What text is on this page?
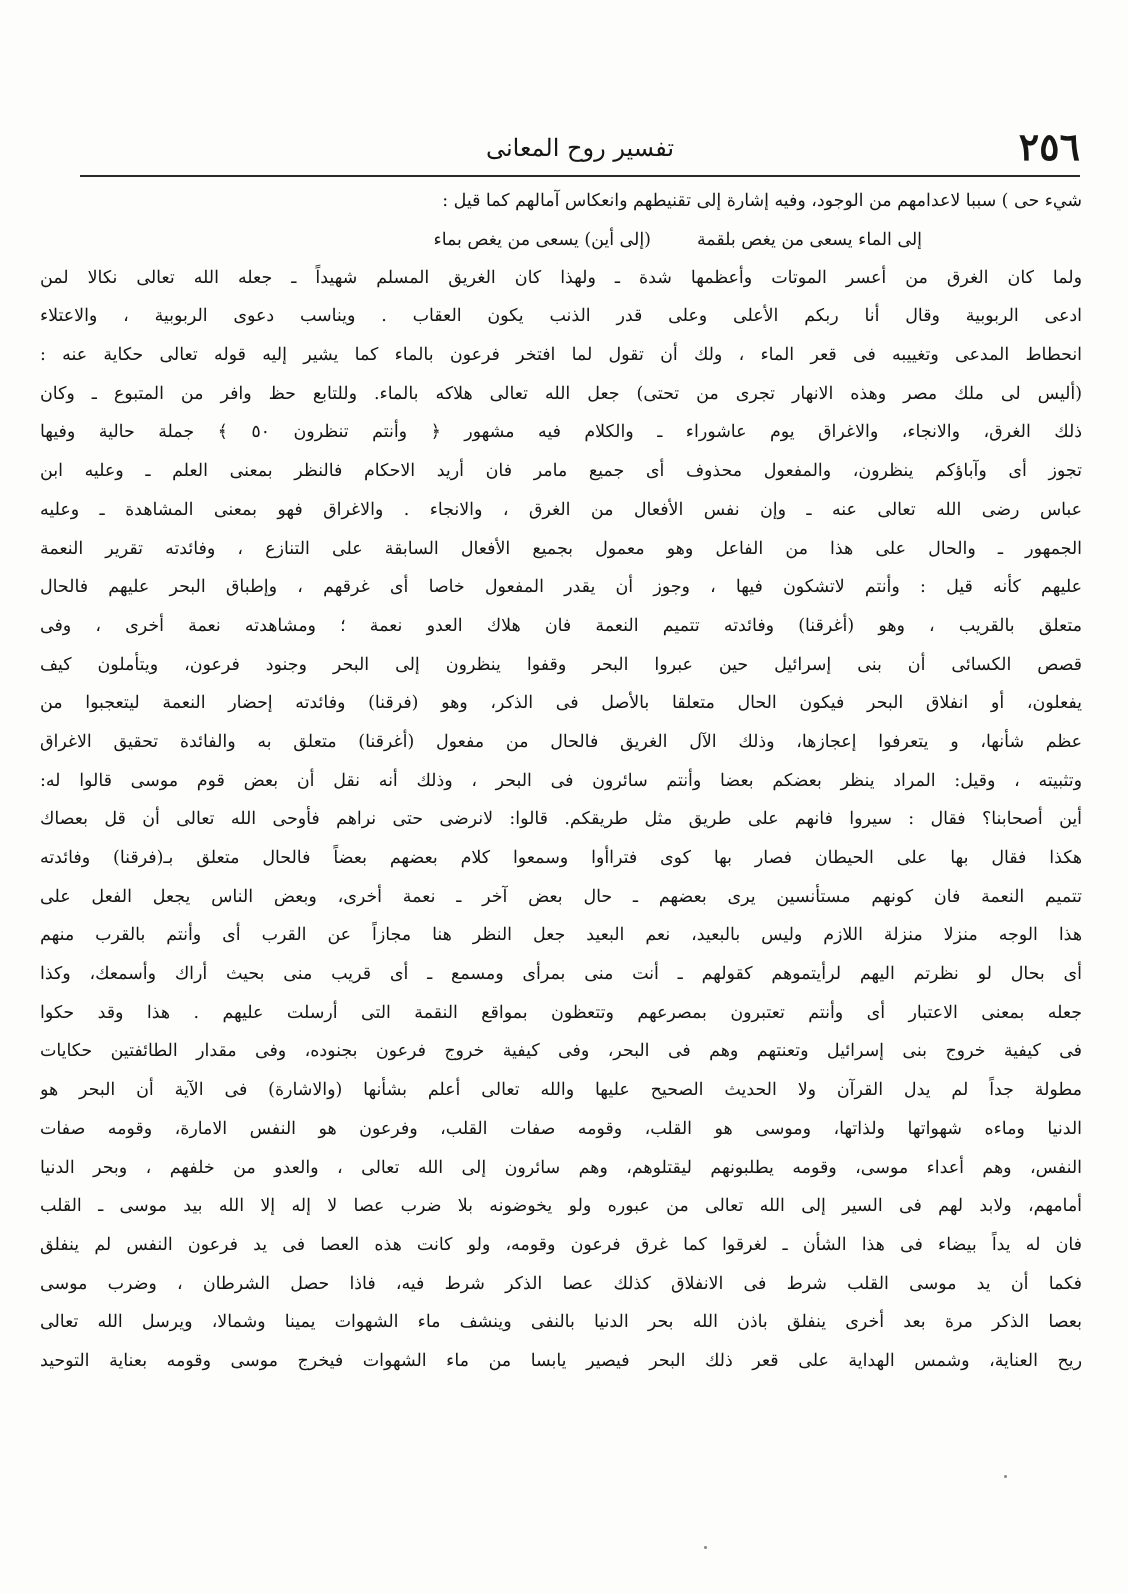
٢٥٦
تفسير روح المعانى
شيء حى ) سببا لاعدامهم من الوجود، وفيه إشارة إلى تقنيطهم وانعكاس آمالهم كما قيل :
إلى الماء يسعى من يغص بلقمة
(إلى أين) يسعى من يغص بماء
ولما كان الغرق من أعسر الموتات وأعظمها شدة ـ ولهذا كان الغريق المسلم شهيداً ـ جعله الله تعالى نكالا لمن
ادعى الربوبية وقال أنا ربكم الأعلى وعلى قدر الذنب يكون العقاب . ويناسب دعوى الربوبية ، والاعتلاء
انحطاط المدعى وتغييبه فى قعر الماء ، ولك أن تقول لما افتخر فرعون بالماء كما يشير إليه قوله تعالى حكاية عنه :
(أليس لى ملك مصر وهذه الانهار تجرى من تحتى) جعل الله تعالى هلاكه بالماء. وللتابع حظ وافر من المتبوع ـ وكان
ذلك الغرق، والانجاء، والاغراق يوم عاشوراء ـ والكلام فيه مشهور ﴿ وأنتم تنظرون ٥٠ ﴾ جملة حالية وفيها
تجوز أى وآباؤكم ينظرون، والمفعول محذوف أى جميع مامر فان أريد الاحكام فالنظر بمعنى العلم ـ وعليه ابن
عباس رضى الله تعالى عنه ـ وإن نفس الأفعال من الغرق ، والانجاء . والاغراق فهو بمعنى المشاهدة ـ وعليه
الجمهور ـ والحال على هذا من الفاعل وهو معمول بجميع الأفعال السابقة على التنازع ، وفائدته تقرير النعمة
عليهم كأنه قيل : وأنتم لاتشكون فيها ، وجوز أن يقدر المفعول خاصا أى غرقهم ، وإطباق البحر عليهم فالحال
متعلق بالقريب ، وهو (أغرقنا) وفائدته تتميم النعمة فان هلاك العدو نعمة ؛ ومشاهدته نعمة أخرى ، وفى
قصص الكسائى أن بنى إسرائيل حين عبروا البحر وقفوا ينظرون إلى البحر وجنود فرعون، ويتأملون كيف
يفعلون، أو انفلاق البحر فيكون الحال متعلقا بالأصل فى الذكر، وهو (فرقنا) وفائدته إحضار النعمة ليتعجبوا من
عظم شأنها، و يتعرفوا إعجازها، وذلك الآل الغريق فالحال من مفعول (أغرقنا) متعلق به والفائدة تحقيق الاغراق
وتثبيته ، وقيل: المراد ينظر بعضكم بعضا وأنتم سائرون فى البحر ، وذلك أنه نقل أن بعض قوم موسى قالوا له:
أين أصحابنا؟ فقال : سيروا فانهم على طريق مثل طريقكم. قالوا: لانرضى حتى نراهم فأوحى الله تعالى أن قل بعصاك
هكذا فقال بها على الحيطان فصار بها كوى فتراأوا وسمعوا كلام بعضهم بعضاً فالحال متعلق بـ(فرقنا) وفائدته
تتميم النعمة فان كونهم مستأنسين يرى بعضهم ـ حال بعض آخر ـ نعمة أخرى، وبعض الناس يجعل الفعل على
هذا الوجه منزلا منزلة اللازم وليس بالبعيد، نعم البعيد جعل النظر هنا مجازاً عن القرب أى وأنتم بالقرب منهم
أى بحال لو نظرتم اليهم لرأيتموهم كقولهم ـ أنت منى بمرأى ومسمع ـ أى قريب منى بحيث أراك وأسمعك، وكذا
جعله بمعنى الاعتبار أى وأنتم تعتبرون بمصرعهم وتتعظون بمواقع النقمة التى أرسلت عليهم . هذا وقد حكوا
فى كيفية خروج بنى إسرائيل وتعنتهم وهم فى البحر، وفى كيفية خروج فرعون بجنوده، وفى مقدار الطائفتين حكايات
مطولة جداً لم يدل القرآن ولا الحديث الصحيح عليها والله تعالى أعلم بشأنها (والاشارة) فى الآية أن البحر هو
الدنيا وماءه شهواتها ولذاتها، وموسى هو القلب، وقومه صفات القلب، وفرعون هو النفس الامارة، وقومه صفات
النفس، وهم أعداء موسى، وقومه يطلبونهم ليقتلوهم، وهم سائرون إلى الله تعالى ، والعدو من خلفهم ، وبحر الدنيا
أمامهم، ولابد لهم فى السير إلى الله تعالى من عبوره ولو يخوضونه بلا ضرب عصا لا إله إلا الله بيد موسى ـ القلب
فان له يداً بيضاء فى هذا الشأن ـ لغرقوا كما غرق فرعون وقومه، ولو كانت هذه العصا فى يد فرعون النفس لم ينفلق
فكما أن يد موسى القلب شرط فى الانفلاق كذلك عصا الذكر شرط فيه، فاذا حصل الشرطان ، وضرب موسى
بعصا الذكر مرة بعد أخرى ينفلق باذن الله بحر الدنيا بالنفى وينشف ماء الشهوات يمينا وشمالا، ويرسل الله تعالى
ريح العناية، وشمس الهداية على قعر ذلك البحر فيصير يابسا من ماء الشهوات فيخرج موسى وقومه بعناية التوحيد
